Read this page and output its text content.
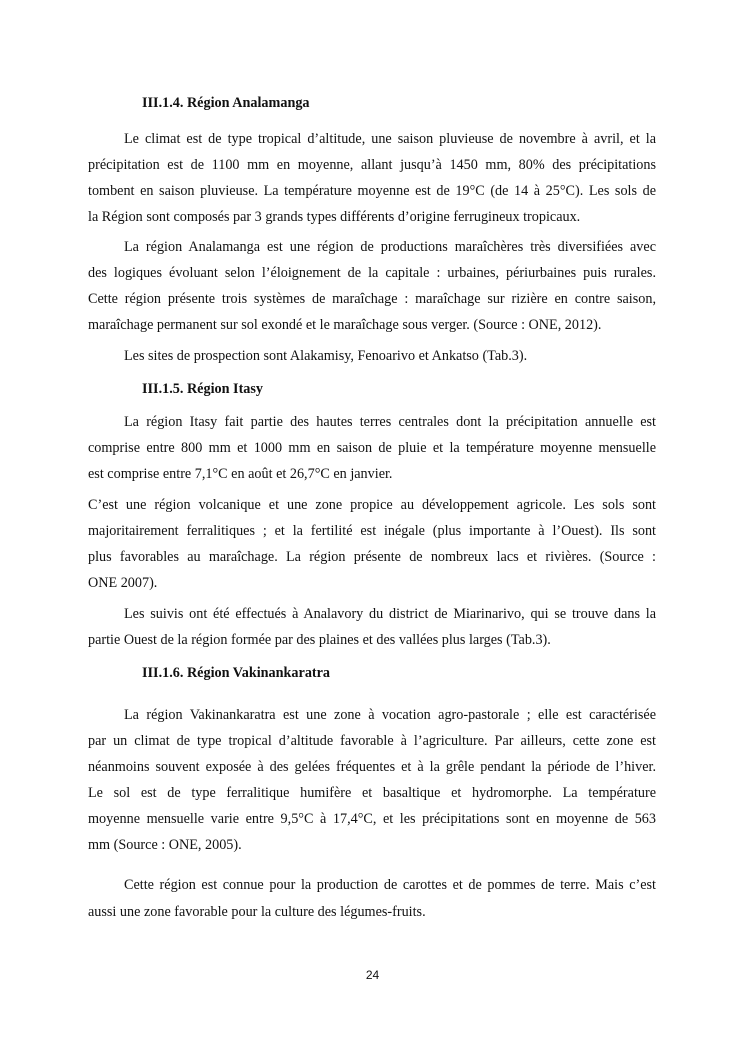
III.1.4. Région Analamanga
Le climat est de type tropical d’altitude, une saison pluvieuse de novembre à avril, et la
précipitation est de 1100 mm en moyenne, allant jusqu’à 1450 mm, 80% des précipitations
tombent en saison pluvieuse. La température moyenne est de 19°C (de 14 à 25°C). Les sols de
la Région sont composés par 3 grands types différents d’origine ferrugineux tropicaux.
La région Analamanga est une région de productions maraîchères très diversifiées avec
des logiques évoluant selon l’éloignement de la capitale : urbaines, périurbaines puis rurales.
Cette région présente trois systèmes de maraîchage : maraîchage sur rizière en contre saison,
maraîchage permanent sur sol exondé et le maraîchage sous verger. (Source : ONE, 2012).
Les sites de prospection sont Alakamisy, Fenoarivo et Ankatso (Tab.3).
III.1.5. Région Itasy
La région Itasy fait partie des hautes terres centrales dont la précipitation annuelle est
comprise entre 800 mm et 1000 mm en saison de pluie et la température moyenne mensuelle
est comprise entre 7,1°C en août et 26,7°C en janvier.
C’est une région volcanique et une zone propice au développement agricole. Les sols sont
majoritairement ferralitiques ; et la fertilité est inégale (plus importante à l’Ouest). Ils sont
plus favorables au maraîchage. La région présente de nombreux lacs et rivières. (Source :
ONE 2007).
Les suivis ont été effectués à Analavory du district de Miarinarivo, qui se trouve dans la
partie Ouest de la région formée par des plaines et des vallées plus larges (Tab.3).
III.1.6. Région Vakinankaratra
La région Vakinankaratra est une zone à vocation agro-pastorale ; elle est caractérisée
par un climat de type tropical d’altitude favorable à l’agriculture. Par ailleurs, cette zone est
néanmoins souvent exposée à des gelées fréquentes et à la grêle pendant la période de l’hiver.
Le sol est de type ferralitique humifère et basaltique et hydromorphe. La température
moyenne mensuelle varie entre 9,5°C à 17,4°C, et les précipitations sont en moyenne de 563
mm (Source : ONE, 2005).
Cette région est connue pour la production de carottes et de pommes de terre. Mais c’est
aussi une zone favorable pour la culture des légumes-fruits.
24
